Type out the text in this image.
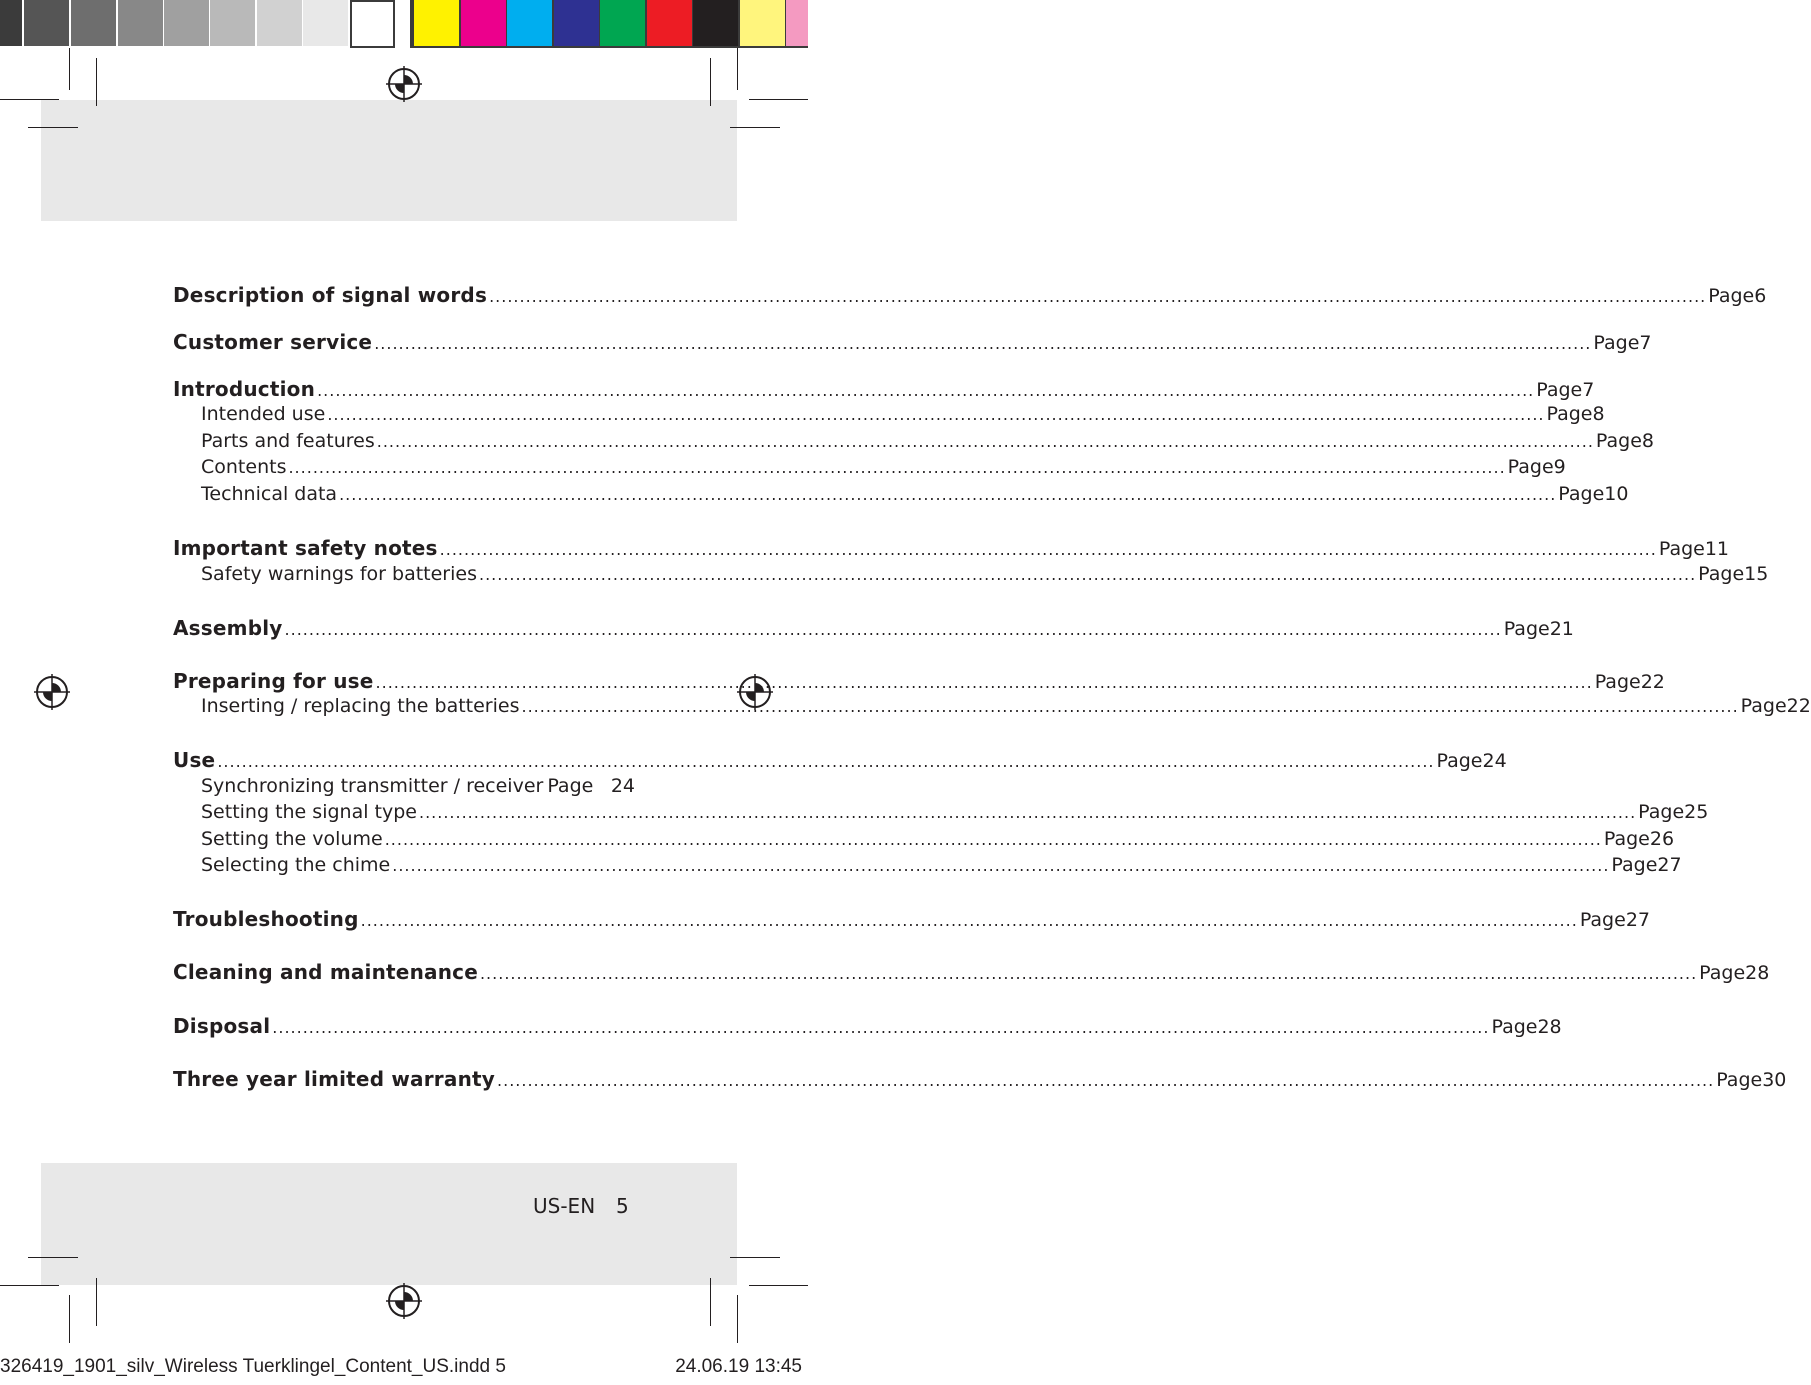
Description of signal words ........................................................................................................................................................................................................ Page 6
Customer service ........................................................................................................................................................................................................ Page 7
Introduction ........................................................................................................................................................................................................ Page 7
Intended use ........................................................................................................................................................................................................ Page 8
Parts and features ........................................................................................................................................................................................................ Page 8
Contents ........................................................................................................................................................................................................ Page 9
Technical data ........................................................................................................................................................................................................ Page 10
Important safety notes ........................................................................................................................................................................................................ Page 11
Safety warnings for batteries ........................................................................................................................................................................................................ Page 15
Assembly ........................................................................................................................................................................................................ Page 21
Preparing for use ........................................................................................................................................................................................................ Page 22
Inserting / replacing the batteries ........................................................................................................................................................................................................ Page 22
Use ........................................................................................................................................................................................................ Page 24
Synchronizing transmitter / receiver Page 24
Setting the signal type ........................................................................................................................................................................................................ Page 25
Setting the volume ........................................................................................................................................................................................................ Page 26
Selecting the chime ........................................................................................................................................................................................................ Page 27
Troubleshooting ........................................................................................................................................................................................................ Page 27
Cleaning and maintenance ........................................................................................................................................................................................................ Page 28
Disposal ........................................................................................................................................................................................................ Page 28
Three year limited warranty ........................................................................................................................................................................................................ Page 30
US-EN 5
326419_1901_silv_Wireless Tuerklingel_Content_US.indd 5	24.06.19 13:45
